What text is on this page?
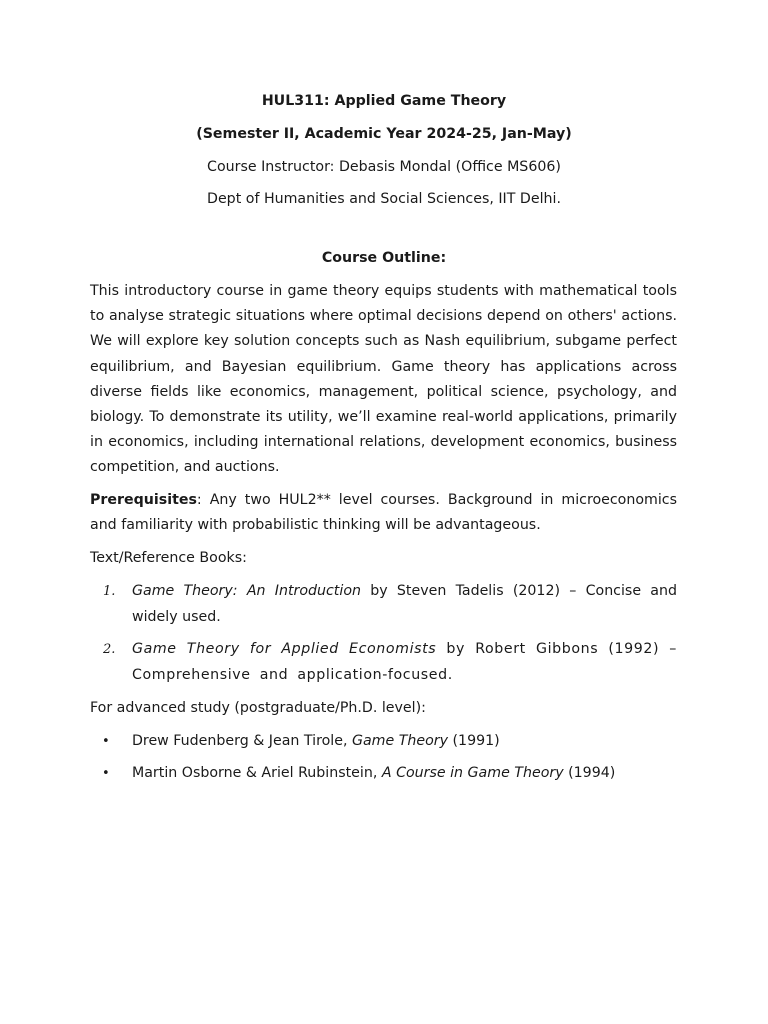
HUL311: Applied Game Theory
(Semester II, Academic Year 2024-25, Jan-May)
Course Instructor: Debasis Mondal (Office MS606)
Dept of Humanities and Social Sciences, IIT Delhi.
Course Outline:
This introductory course in game theory equips students with mathematical tools to analyse strategic situations where optimal decisions depend on others' actions. We will explore key solution concepts such as Nash equilibrium, subgame perfect equilibrium, and Bayesian equilibrium. Game theory has applications across diverse fields like economics, management, political science, psychology, and biology. To demonstrate its utility, we’ll examine real-world applications, primarily in economics, including international relations, development economics, business competition, and auctions.
Prerequisites: Any two HUL2** level courses. Background in microeconomics and familiarity with probabilistic thinking will be advantageous.
Text/Reference Books:
1. Game Theory: An Introduction by Steven Tadelis (2012) – Concise and widely used.
2. Game Theory for Applied Economists by Robert Gibbons (1992) – Comprehensive and application-focused.
For advanced study (postgraduate/Ph.D. level):
• Drew Fudenberg & Jean Tirole, Game Theory (1991)
• Martin Osborne & Ariel Rubinstein, A Course in Game Theory (1994)
